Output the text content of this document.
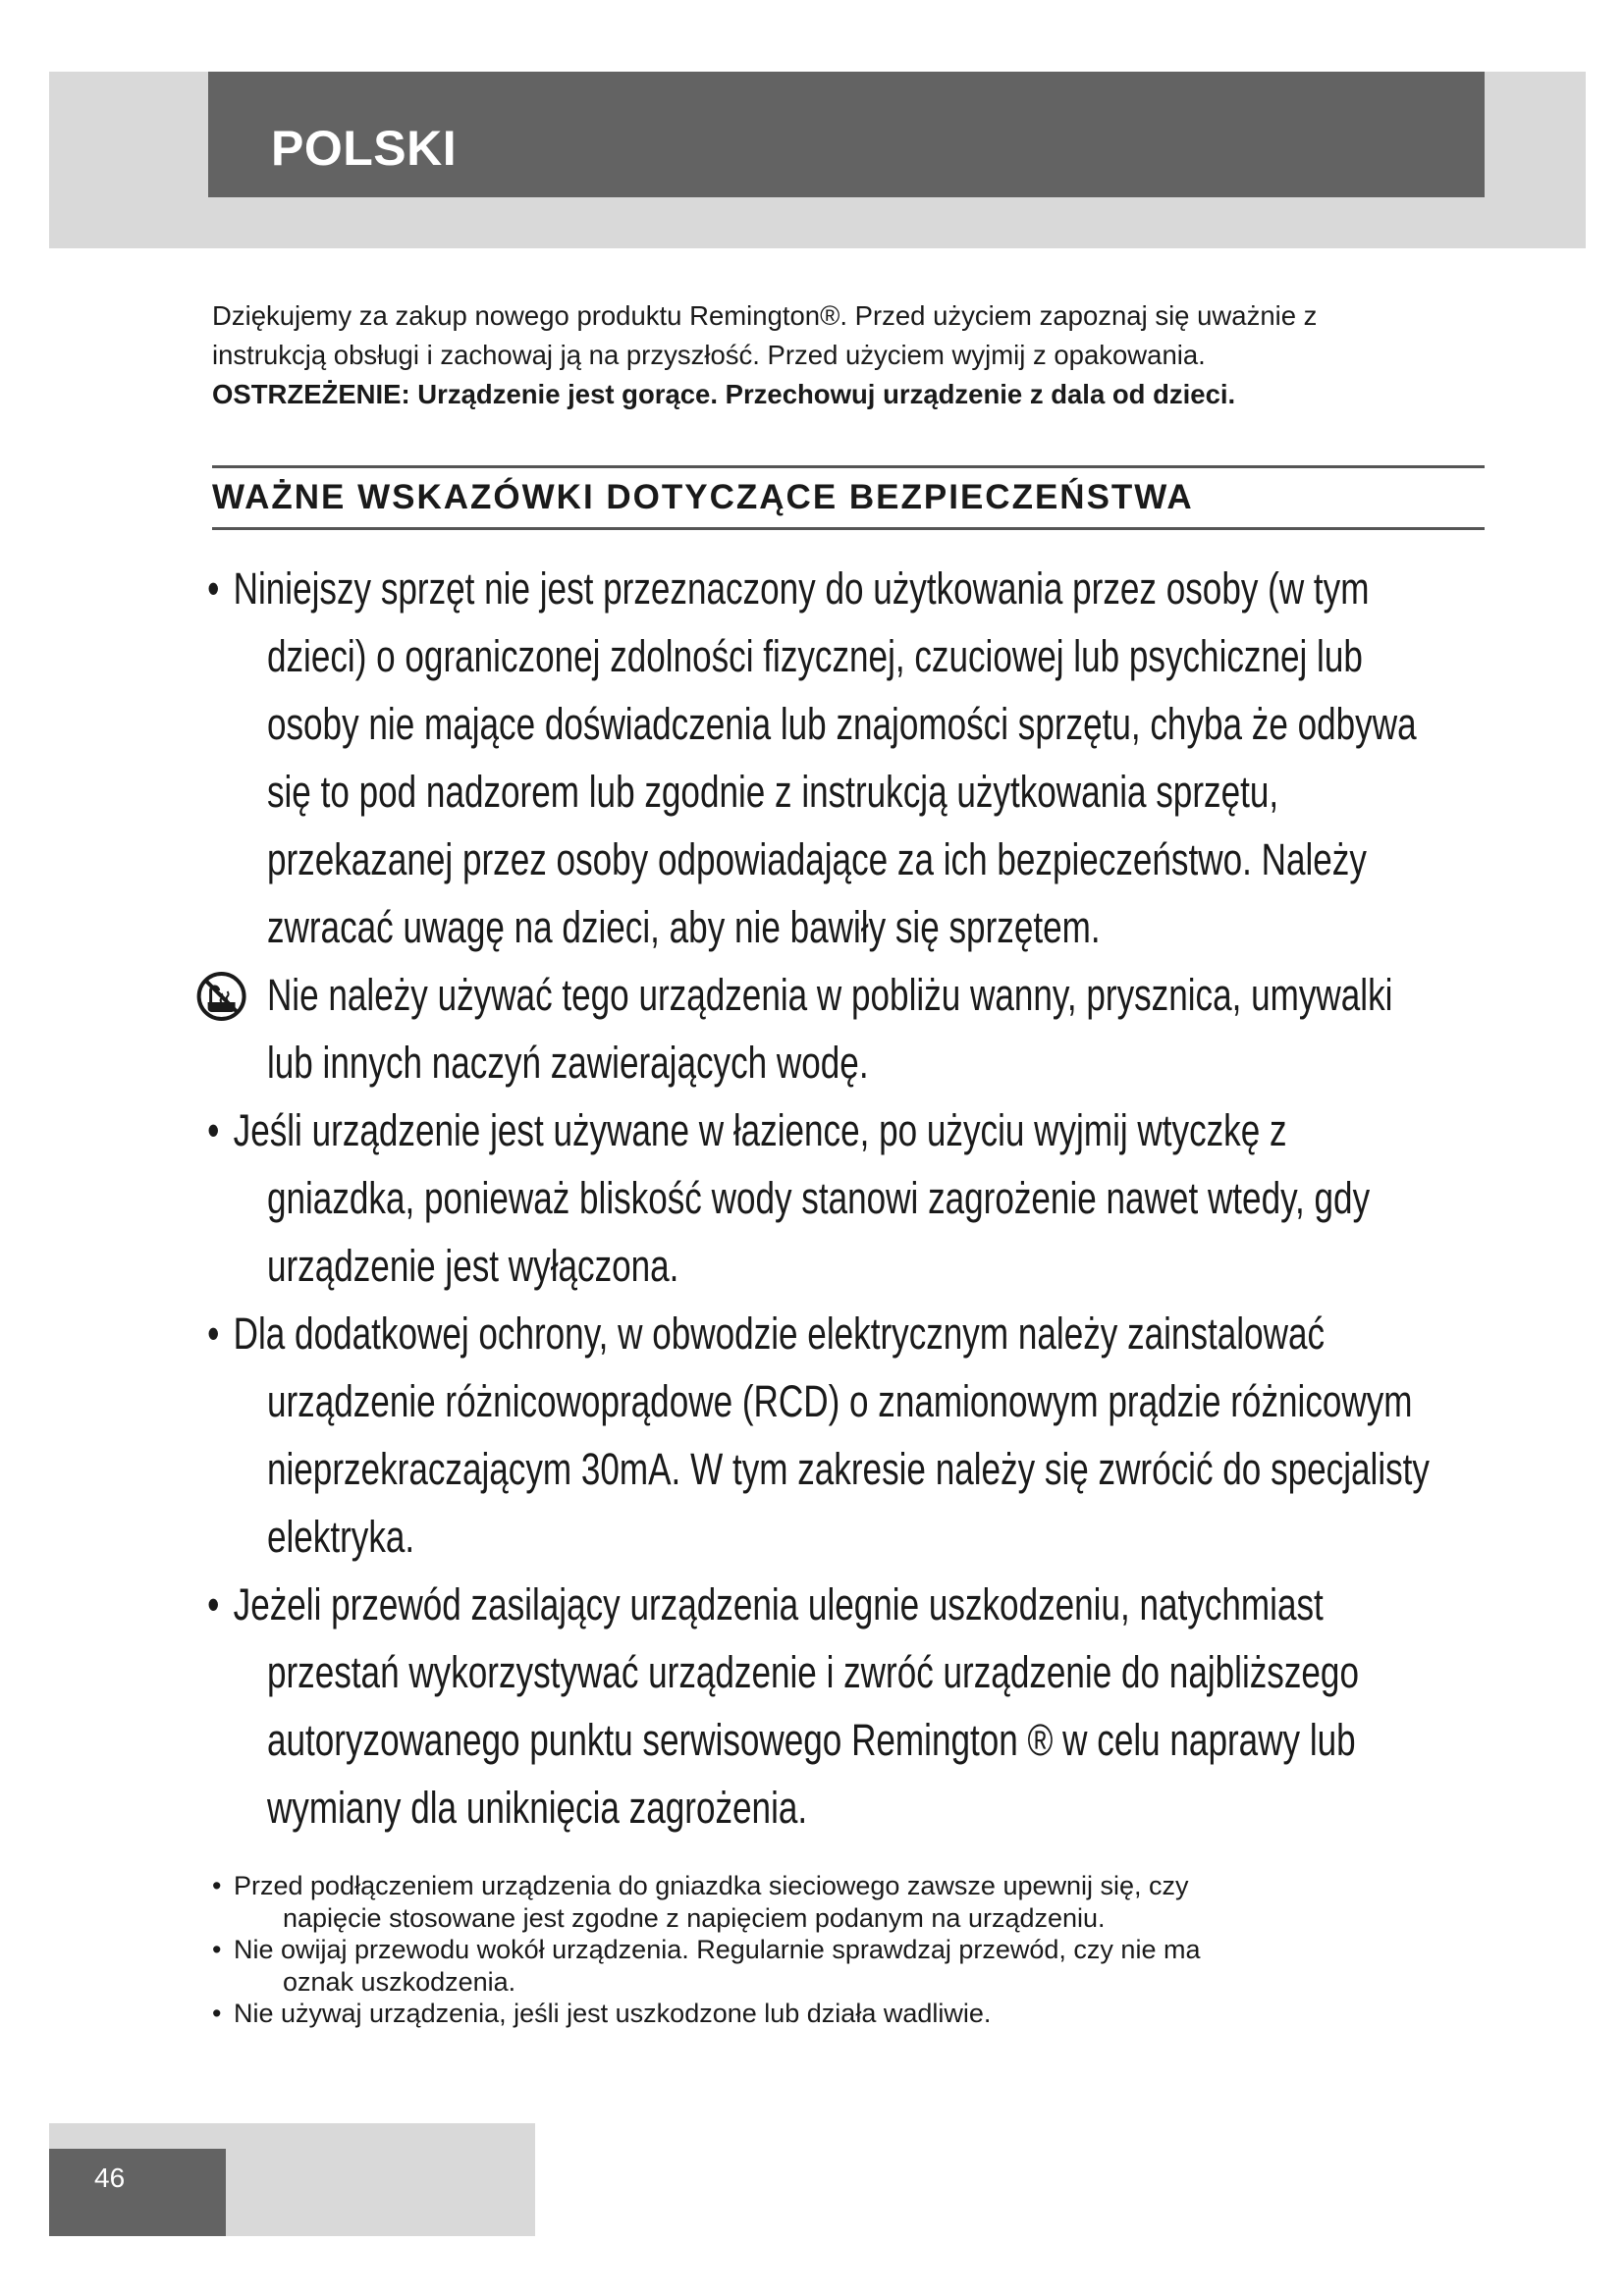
POLSKI

Dziękujemy za zakup nowego produktu Remington®. Przed użyciem zapoznaj się uważnie z

instrukcją obsługi i zachowaj ją na przyszłość. Przed użyciem wyjmij z opakowania.

OSTRZEŻENIE: Urządzenie jest gorące. Przechowuj urządzenie z dala od dzieci.

WAŻNE WSKAZÓWKI DOTYCZĄCE BEZPIECZEŃSTWA
• Niniejszy sprzęt nie jest przeznaczony do użytkowania przez osoby (w tym
dzieci) o ograniczonej zdolności fizycznej, czuciowej lub psychicznej lub
osoby nie mające doświadczenia lub znajomości sprzętu, chyba że odbywa
się to pod nadzorem lub zgodnie z instrukcją użytkowania sprzętu,
przekazanej przez osoby odpowiadające za ich bezpieczeństwo. Należy
zwracać uwagę na dzieci, aby nie bawiły się sprzętem.
Nie należy używać tego urządzenia w pobliżu wanny, prysznica, umywalki
lub innych naczyń zawierających wodę.
• Jeśli urządzenie jest używane w łazience, po użyciu wyjmij wtyczkę z
gniazdka, ponieważ bliskość wody stanowi zagrożenie nawet wtedy, gdy
urządzenie jest wyłączona.
• Dla dodatkowej ochrony, w obwodzie elektrycznym należy zainstalować
urządzenie różnicowoprądowe (RCD) o znamionowym prądzie różnicowym
nieprzekraczającym 30mA. W tym zakresie należy się zwrócić do specjalisty
elektryka.
• Jeżeli przewód zasilający urządzenia ulegnie uszkodzeniu, natychmiast
przestań wykorzystywać urządzenie i zwróć urządzenie do najbliższego
autoryzowanego punktu serwisowego Remington ® w celu naprawy lub
wymiany dla uniknięcia zagrożenia.
• Przed podłączeniem urządzenia do gniazdka sieciowego zawsze upewnij się, czy
napięcie stosowane jest zgodne z napięciem podanym na urządzeniu.
• Nie owijaj przewodu wokół urządzenia. Regularnie sprawdzaj przewód, czy nie ma
oznak uszkodzenia.
• Nie używaj urządzenia, jeśli jest uszkodzone lub działa wadliwie.
46
